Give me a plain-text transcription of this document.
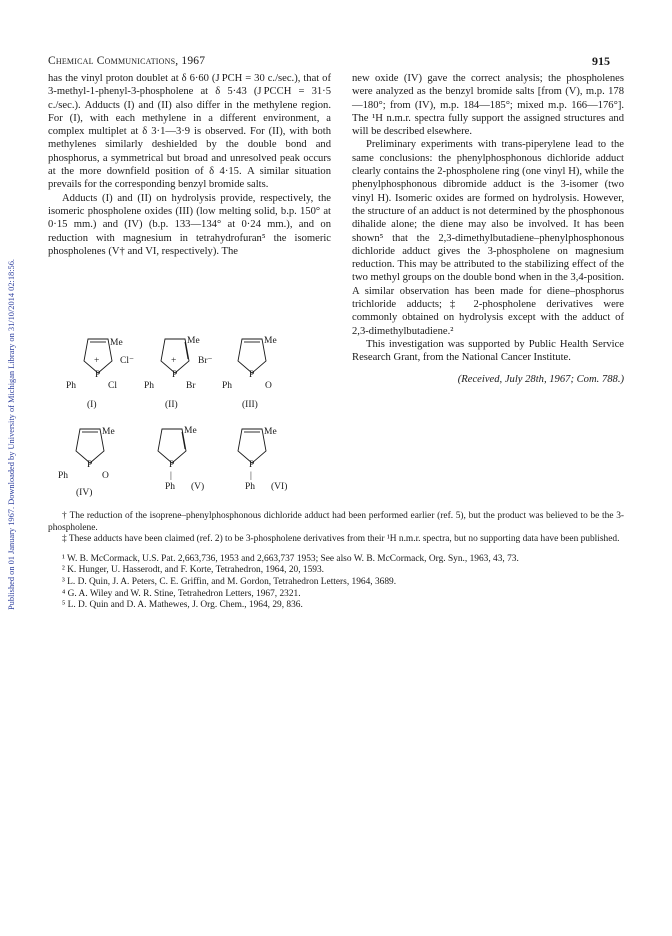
Published on 01 January 1967. Downloaded by University of Michigan Library on 31/10/2014 02:18:56.
Chemical Communications, 1967	915

has the vinyl proton doublet at δ 6·60 (J PCH = 30 c./sec.), that of 3-methyl-1-phenyl-3-phospholene at δ 5·43 (J PCCH = 31·5 c./sec.). Adducts (I) and (II) also differ in the methylene region. For (I), with each methylene in a different environment, a complex multiplet at δ 3·1—3·9 is observed. For (II), with both methylenes similarly deshielded by the double bond and phosphorus, a symmetrical but broad and unresolved peak occurs at the more downfield position of δ 4·15. A similar situation prevails for the corresponding benzyl bromide salts.

Adducts (I) and (II) on hydrolysis provide, respectively, the isomeric phospholene oxides (III) (low melting solid, b.p. 150° at 0·15 mm.) and (IV) (b.p. 133—134° at 0·24 mm.), and on reduction with magnesium in tetrahydrofuran⁵ the isomeric phospholenes (V† and VI, respectively). The

Me
+
P
Cl⁻
Ph	Cl
(I)
Me
+
P
Br⁻
Ph	Br
(II)
Me
P
Ph	O
(III)
Me
P
Ph	O
(IV)
Me
P
|
Ph (V)
Me
P
|
Ph (VI)

new oxide (IV) gave the correct analysis; the phospholenes were analyzed as the benzyl bromide salts [from (V), m.p. 178—180°; from (IV), m.p. 184—185°; mixed m.p. 166—176°]. The ¹H n.m.r. spectra fully support the assigned structures and will be described elsewhere.

Preliminary experiments with trans-piperylene lead to the same conclusions: the phenylphosphonous dichloride adduct clearly contains the 2-phospholene ring (one vinyl H), while the phenylphosphonous dibromide adduct is the 3-isomer (two vinyl H). Isomeric oxides are formed on hydrolysis. However, the structure of an adduct is not determined by the phosphonous dihalide alone; the diene may also be involved. It has been shown⁵ that the 2,3-dimethylbutadiene–phenylphosphonous dichloride adduct gives the 3-phospholene on magnesium reduction. This may be attributed to the stabilizing effect of the two methyl groups on the double bond when in the 3,4-position. A similar observation has been made for diene–phosphorus trichloride adducts;‡ 2-phospholene derivatives were commonly obtained on hydrolysis except with the adduct of 2,3-dimethylbutadiene.²

This investigation was supported by Public Health Service Research Grant, from the National Cancer Institute.

(Received, July 28th, 1967; Com. 788.)

† The reduction of the isoprene–phenylphosphonous dichloride adduct had been performed earlier (ref. 5), but the product was believed to be the 3-phospholene.

‡ These adducts have been claimed (ref. 2) to be 3-phospholene derivatives from their ¹H n.m.r. spectra, but no supporting data have been published.

¹ W. B. McCormack, U.S. Pat. 2,663,736, 1953 and 2,663,737 1953; See also W. B. McCormack, Org. Syn., 1963, 43, 73.

² K. Hunger, U. Hasserodt, and F. Korte, Tetrahedron, 1964, 20, 1593.

³ L. D. Quin, J. A. Peters, C. E. Griffin, and M. Gordon, Tetrahedron Letters, 1964, 3689.

⁴ G. A. Wiley and W. R. Stine, Tetrahedron Letters, 1967, 2321.

⁵ L. D. Quin and D. A. Mathewes, J. Org. Chem., 1964, 29, 836.
